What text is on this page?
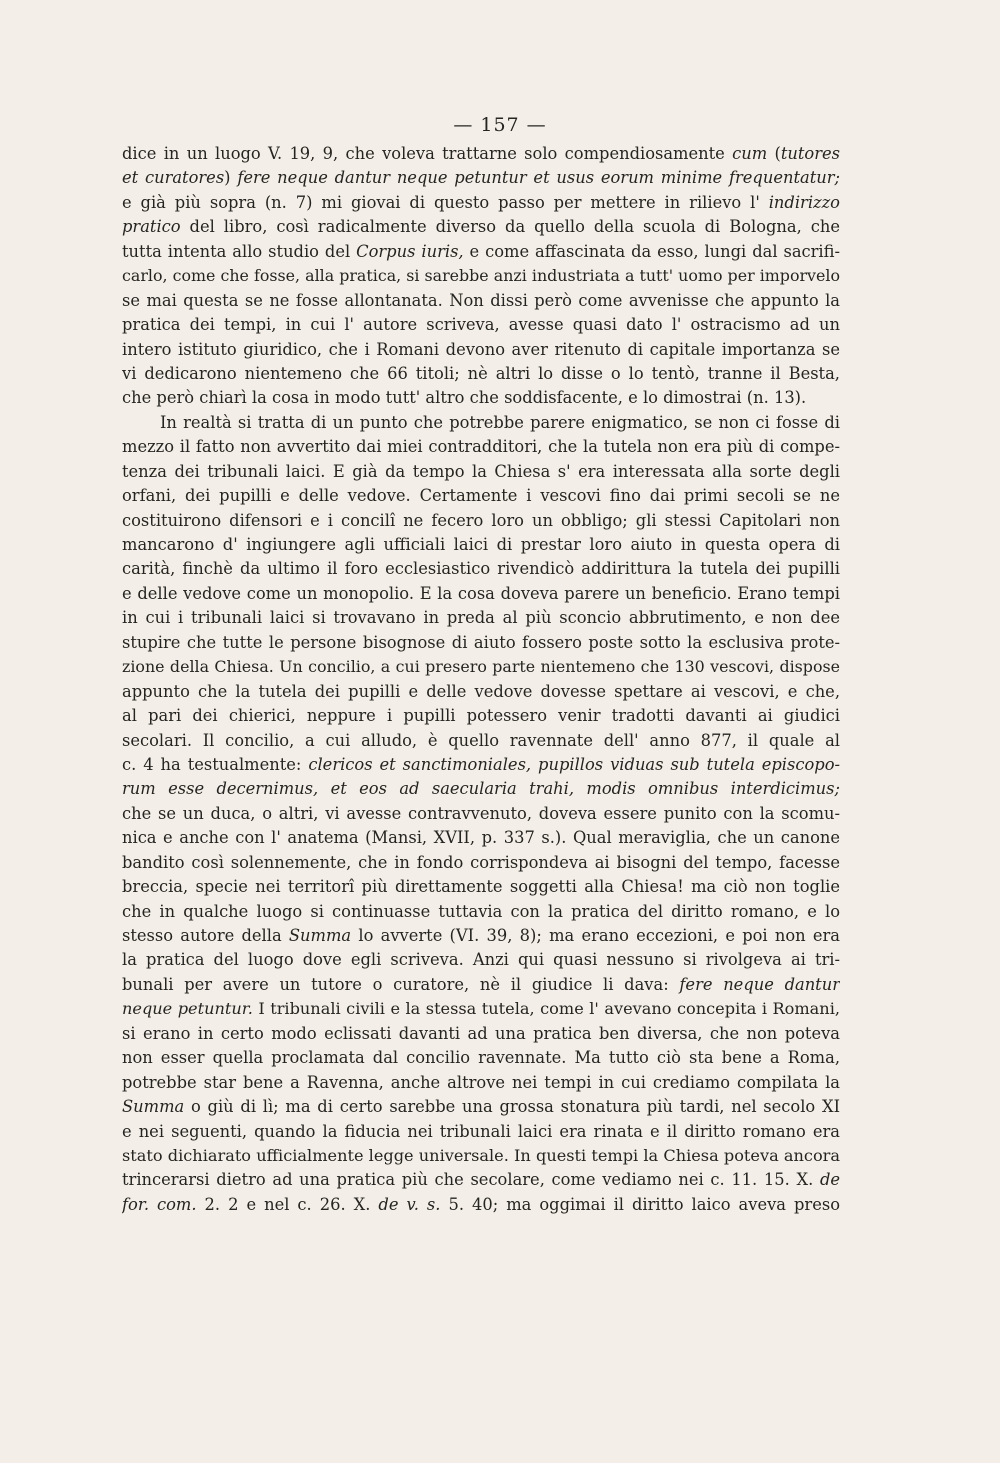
— 157 —
dice in un luogo V. 19, 9, che voleva trattarne solo compendiosamente cum (tutores
et curatores) fere neque dantur neque petuntur et usus eorum minime frequentatur;
e già più sopra (n. 7) mi giovai di questo passo per mettere in rilievo l' indirizzo
pratico del libro, così radicalmente diverso da quello della scuola di Bologna, che
tutta intenta allo studio del Corpus iuris, e come affascinata da esso, lungi dal sacrifi-
carlo, come che fosse, alla pratica, si sarebbe anzi industriata a tutt' uomo per imporvelo
se mai questa se ne fosse allontanata. Non dissi però come avvenisse che appunto la
pratica dei tempi, in cui l' autore scriveva, avesse quasi dato l' ostracismo ad un
intero istituto giuridico, che i Romani devono aver ritenuto di capitale importanza se
vi dedicarono nientemeno che 66 titoli; nè altri lo disse o lo tentò, tranne il Besta,
che però chiarì la cosa in modo tutt' altro che soddisfacente, e lo dimostrai (n. 13).
In realtà si tratta di un punto che potrebbe parere enigmatico, se non ci fosse di
mezzo il fatto non avvertito dai miei contradditori, che la tutela non era più di compe-
tenza dei tribunali laici. E già da tempo la Chiesa s' era interessata alla sorte degli
orfani, dei pupilli e delle vedove. Certamente i vescovi fino dai primi secoli se ne
costituirono difensori e i concilî ne fecero loro un obbligo; gli stessi Capitolari non
mancarono d' ingiungere agli ufficiali laici di prestar loro aiuto in questa opera di
carità, finchè da ultimo il foro ecclesiastico rivendicò addirittura la tutela dei pupilli
e delle vedove come un monopolio. E la cosa doveva parere un beneficio. Erano tempi
in cui i tribunali laici si trovavano in preda al più sconcio abbrutimento, e non dee
stupire che tutte le persone bisognose di aiuto fossero poste sotto la esclusiva prote-
zione della Chiesa. Un concilio, a cui presero parte nientemeno che 130 vescovi, dispose
appunto che la tutela dei pupilli e delle vedove dovesse spettare ai vescovi, e che,
al pari dei chierici, neppure i pupilli potessero venir tradotti davanti ai giudici
secolari. Il concilio, a cui alludo, è quello ravennate dell' anno 877, il quale al
c. 4 ha testualmente: clericos et sanctimoniales, pupillos viduas sub tutela episcopo-
rum esse decernimus, et eos ad saecularia trahi, modis omnibus interdicimus;
che se un duca, o altri, vi avesse contravvenuto, doveva essere punito con la scomu-
nica e anche con l' anatema (Mansi, XVII, p. 337 s.). Qual meraviglia, che un canone
bandito così solennemente, che in fondo corrispondeva ai bisogni del tempo, facesse
breccia, specie nei territorî più direttamente soggetti alla Chiesa! ma ciò non toglie
che in qualche luogo si continuasse tuttavia con la pratica del diritto romano, e lo
stesso autore della Summa lo avverte (VI. 39, 8); ma erano eccezioni, e poi non era
la pratica del luogo dove egli scriveva. Anzi qui quasi nessuno si rivolgeva ai tri-
bunali per avere un tutore o curatore, nè il giudice li dava: fere neque dantur
neque petuntur. I tribunali civili e la stessa tutela, come l' avevano concepita i Romani,
si erano in certo modo eclissati davanti ad una pratica ben diversa, che non poteva
non esser quella proclamata dal concilio ravennate. Ma tutto ciò sta bene a Roma,
potrebbe star bene a Ravenna, anche altrove nei tempi in cui crediamo compilata la
Summa o giù di lì; ma di certo sarebbe una grossa stonatura più tardi, nel secolo XI
e nei seguenti, quando la fiducia nei tribunali laici era rinata e il diritto romano era
stato dichiarato ufficialmente legge universale. In questi tempi la Chiesa poteva ancora
trincerarsi dietro ad una pratica più che secolare, come vediamo nei c. 11. 15. X. de
for. com. 2. 2 e nel c. 26. X. de v. s. 5. 40; ma oggimai il diritto laico aveva preso
